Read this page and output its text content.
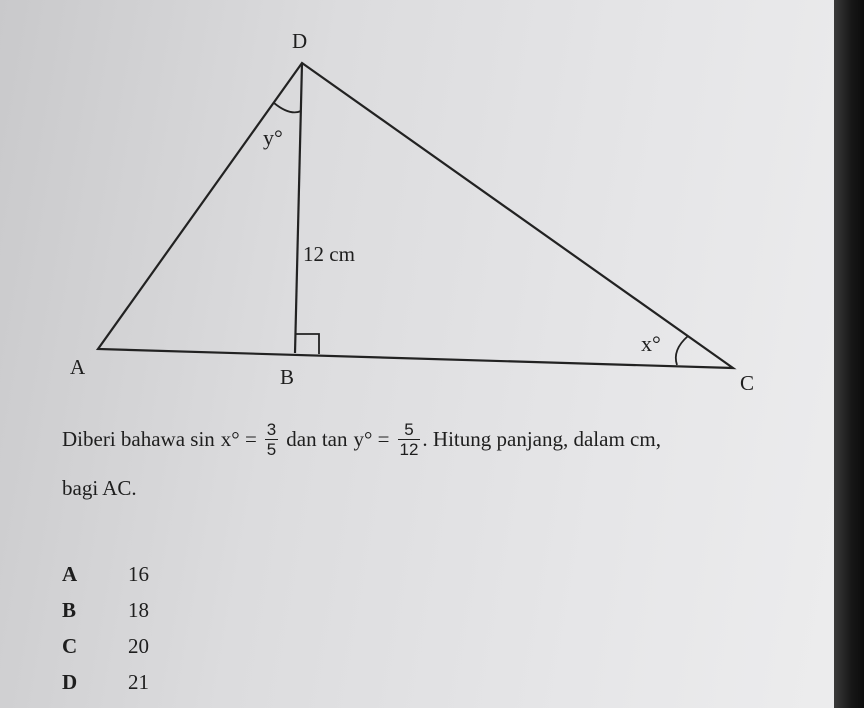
D
A	B	C
y°
x°
12 cm
Diberi bahawa $\sin x^\circ = \frac{3}{5}$ dan $\tan y^\circ = \frac{5}{12}$ . Hitung panjang, dalam cm,
bagi AC.
A	16
B	18
C	20
D	21
